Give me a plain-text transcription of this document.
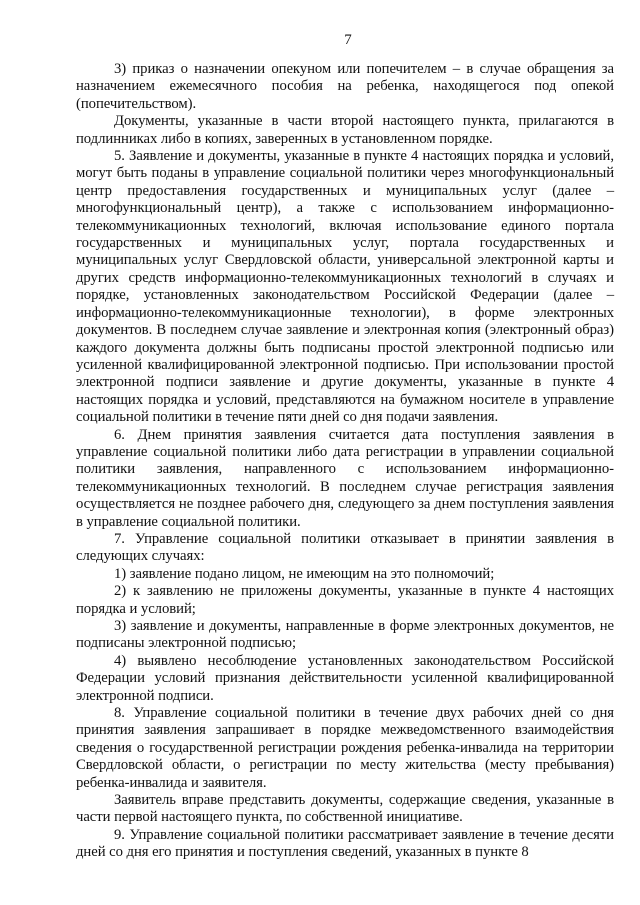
7

3) приказ о назначении опекуном или попечителем – в случае обращения за назначением ежемесячного пособия на ребенка, находящегося под опекой (попечительством).

Документы, указанные в части второй настоящего пункта, прилагаются в подлинниках либо в копиях, заверенных в установленном порядке.

5. Заявление и документы, указанные в пункте 4 настоящих порядка и условий, могут быть поданы в управление социальной политики через многофункциональный центр предоставления государственных и муниципальных услуг (далее – многофункциональный центр), а также с использованием информационно-телекоммуникационных технологий, включая использование единого портала государственных и муниципальных услуг, портала государственных и муниципальных услуг Свердловской области, универсальной электронной карты и других средств информационно-телекоммуникационных технологий в случаях и порядке, установленных законодательством Российской Федерации (далее – информационно-телекоммуникационные технологии), в форме электронных документов. В последнем случае заявление и электронная копия (электронный образ) каждого документа должны быть подписаны простой электронной подписью или усиленной квалифицированной электронной подписью. При использовании простой электронной подписи заявление и другие документы, указанные в пункте 4 настоящих порядка и условий, представляются на бумажном носителе в управление социальной политики в течение пяти дней со дня подачи заявления.

6. Днем принятия заявления считается дата поступления заявления в управление социальной политики либо дата регистрации в управлении социальной политики заявления, направленного с использованием информационно-телекоммуникационных технологий. В последнем случае регистрация заявления осуществляется не позднее рабочего дня, следующего за днем поступления заявления в управление социальной политики.

7. Управление социальной политики отказывает в принятии заявления в следующих случаях:

1) заявление подано лицом, не имеющим на это полномочий;

2) к заявлению не приложены документы, указанные в пункте 4 настоящих порядка и условий;

3) заявление и документы, направленные в форме электронных документов, не подписаны электронной подписью;

4) выявлено несоблюдение установленных законодательством Российской Федерации условий признания действительности усиленной квалифицированной электронной подписи.

8. Управление социальной политики в течение двух рабочих дней со дня принятия заявления запрашивает в порядке межведомственного взаимодействия сведения о государственной регистрации рождения ребенка-инвалида на территории Свердловской области, о регистрации по месту жительства (месту пребывания) ребенка-инвалида и заявителя.

Заявитель вправе представить документы, содержащие сведения, указанные в части первой настоящего пункта, по собственной инициативе.

9. Управление социальной политики рассматривает заявление в течение десяти дней со дня его принятия и поступления сведений, указанных в пункте 8
